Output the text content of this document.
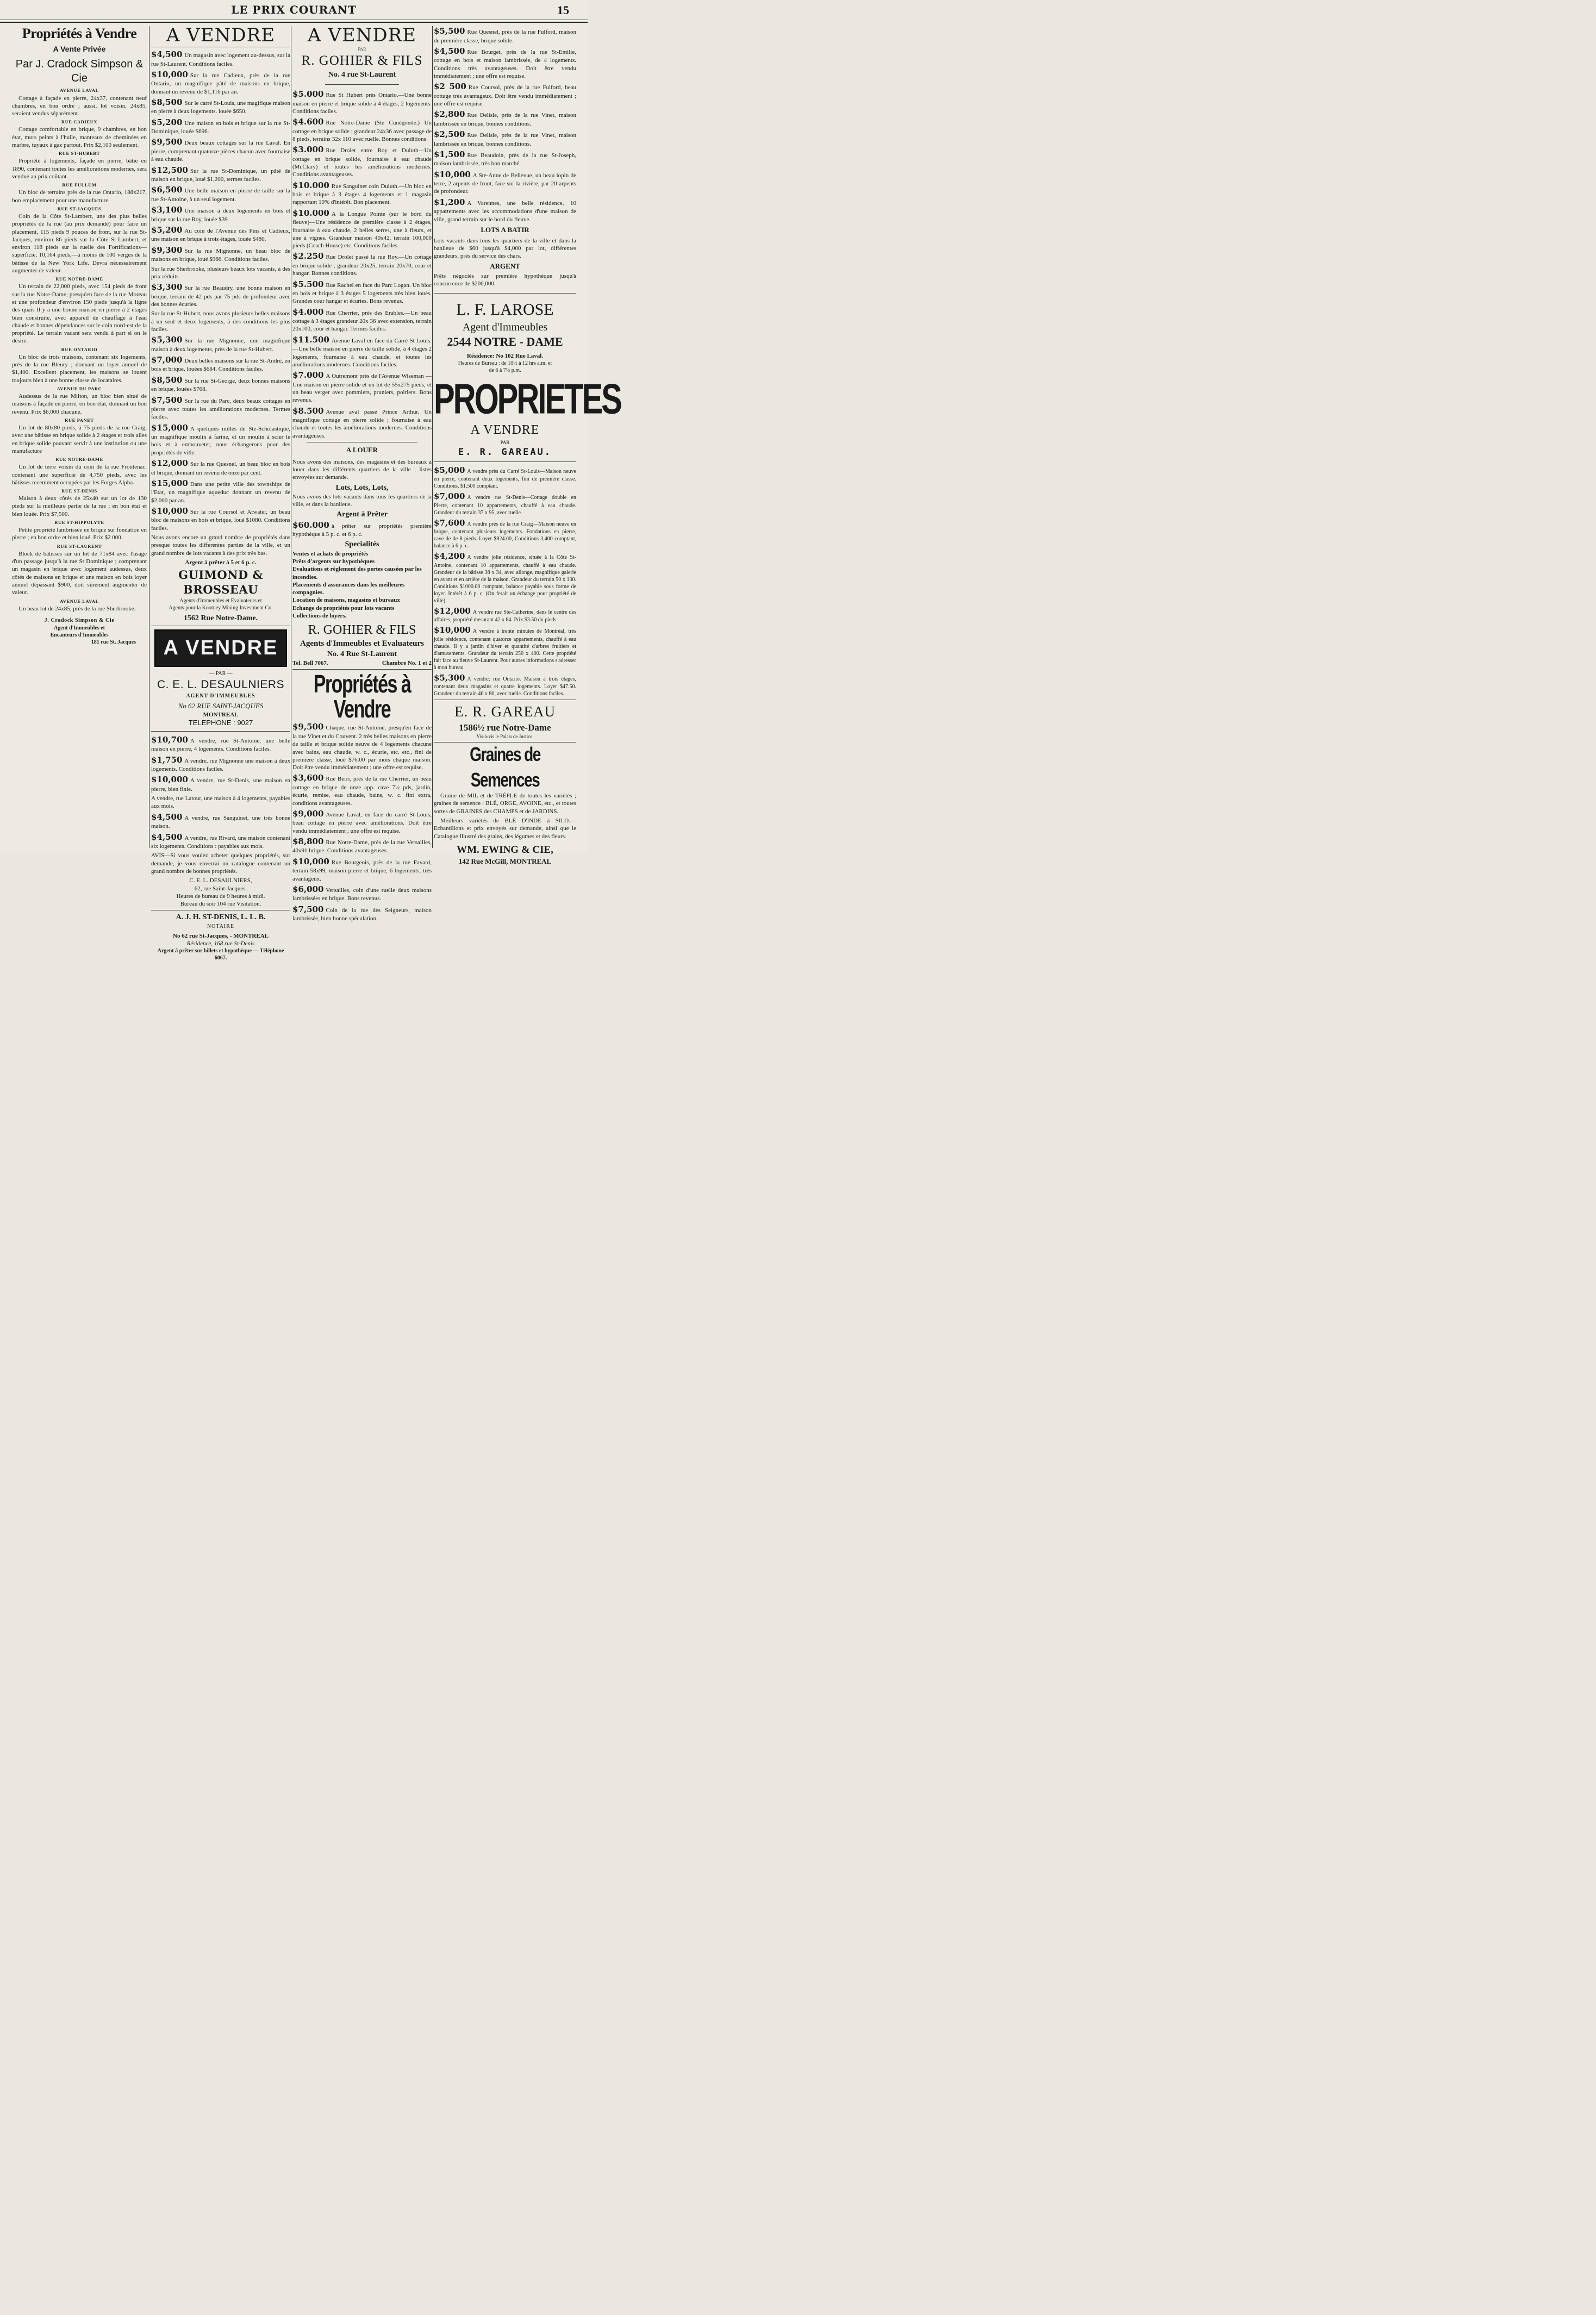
LE PRIX COURANT	15
Propriétés à Vendre
A Vente Privée
Par J. Cradock Simpson & Cie
AVENUE LAVAL
Cottage à façade en pierre, 24x37, contenant neuf chambres, en bon ordre ; aussi, lot voisin, 24x85, seraient vendus séparément.
RUE CADIEUX
Cottage comfortable en brique, 9 chambres, en bon état, murs peints à l'huile, manteaux de cheminées en marbre, tuyaux à gaz partout. Prix $2,100 seulement.
RUE ST-HUBERT
Propriété à logements, façade en pierre, bâtie en 1890, contenant toutes les améliorations modernes, sera vendue au prix coûtant.
RUE FULLUM
Un bloc de terrains près de la rue Ontario, 188x217, bon emplacement pour une manufacture.
RUE ST-JACQUES
Coin de la Côte St-Lambert, une des plus belles propriétés de la rue (au prix demandé) pour faire un placement, 115 pieds 9 pouces de front, sur la rue St-Jacques, environ 86 pieds sur la Côte St-Lambert, et environ 118 pieds sur la ruelle des Fortifications—superficie, 10,164 pieds,—à moins de 100 verges de la bâtisse de la New York Life. Devra nécessairement augmenter de valeur.
RUE NOTRE-DAME
Un terrain de 22,000 pieds, avec 154 pieds de front sur la rue Notre-Dame, presqu'en face de la rue Moreau et une profondeur d'environ 150 pieds jusqu'à la ligne des quais Il y a une bonne maison en pierre à 2 étages bien construite, avec appareil de chauffage à l'eau chaude et bonnes dépendances sur le coin nord-est de la propriété. Le terrain vacant sera vendu à part si on le désire.
RUE ONTARIO
Un bloc de trois maisons, contenant six logements, près de la rue Bleury ; donnant un loyer annuel de $1,400. Excellent placement, les maisons se louent toujours bien à une bonne classe de locataires.
AVENUE DU PARC
Audessus de la rue Milton, un bloc bien situé de maisons à façade en pierre, en bon état, donnant un bon revenu. Prix $6,000 chacune.
RUE PANET
Un lot de 80x80 pieds, à 75 pieds de la rue Craig, avec une bâtisse en brique solide à 2 étages et trois ailes en brique solide pouvant servir à une institution ou une manufacture
RUE NOTRE-DAME
Un lot de terre voisin du coin de la rue Frontenac. contenant une superficie de 4,750 pieds, avec les bâtisses recemment occupées par les Forges Alpha.
RUE ST-DENIS
Maison à deux côtés de 25x40 sur un lot de 130 pieds sur la meilleure partie de la rue ; en bon état et bien louée. Prix $7,500.
RUE ST-HIPPOLYTE
Petite propriété lambrissée en brique sur fondation en pierre ; en bon ordre et bien loué. Prix $2 000.
RUE ST-LAURENT
Block de bâtisses sur un lot de 71x84 avec l'usage d'un passage jusqu'à la rue St Dominique ; comprenant un magasin en brique avec logement audessus, deux côtés de maisons en brique et une maison en bois loyer annuel dépassant $900, doit sûrement augmenter de valeur.
AVENUE LAVAL
Un beau lot de 24x85, près de la rue Sherbrooke.
J. Cradock Simpson & Cie
Agent d'Immeubles et
Encanteurs d'Immeubles
181 rue St. Jacques
A VENDRE
$4,500 Un magasin avec logement au-dessus, sur la rue St-Laurent. Conditions faciles.
$10,000 Sur la rue Cadieux, près de la rue Ontario, un magnifique pâté de maisons en brique, donnant un revenu de $1,116 par an.
$8,500 Sur le carré St-Louis, une magifique maison en pierre à deux logements. louée $650.
$5,200 Une maison en bois et brique sur la rue St-Dominique, louée $696.
$9,500 Deux beaux cottages sur la rue Laval. En pierre, comprenant quatorze pièces chacun avec fournaise à eau chaude.
$12,500 Sur la rue St-Dominique, un pâté de maison en brique, loué $1,200, termes faciles.
$6,500 Une belle maison en pierre de taille sur la rue St-Antoine, à un seul logement.
$3,100 Une maison à deux logements en bois et brique sur la rue Roy, louée $39
$5,200 Au coin de l'Avenue des Pins et Cadieux, une maison en brique à trois étages, louée $480.
$9,300 Sur la rue Mignonne, un beau bloc de maisons en brique, loué $966. Conditions faciles.
Sur la rue Sherbrooke, plusieurs beaux lots vacants, à des prix réduits.
$3,300 Sur la rue Beaudry, une bonne maison en brique, terrain de 42 pds par 75 pds de profondeur avec des bonnes écuries.
Sur la rue St-Hubert, nous avons plusieurs belles maisons à un seul et deux logements, à des conditions les plus faciles.
$5,300 Sur la rue Mignonne, une magnifique maison à deux logements, près de la rue St-Hubert.
$7,000 Deux belles maisons sur la rue St-André, en bois et brique, louées $684. Conditions faciles.
$8,500 Sur la rue St-George, deux bonnes maisons en brique, louées $768.
$7,500 Sur la rue du Parc, deux beaux cottages en pierre avec toutes les améliorations modernes. Termes faciles.
$15,000 A quelques milles de Ste-Scholastique, un magnifique moulin à farine, et un moulin à scier le bois et à embouveter, nous échangerons pour des propriétés de ville.
$12,000 Sur la rue Quesnel, un beau bloc en bois et brique, donnant un revenu de onze par cent.
$15,000 Dans une petite ville des townships de l'Etat, un magnifique aqueduc donnant un revenu de $2,000 par an.
$10,000 Sur la rue Coursol et Atwater, un beau bloc de maisons en bois et brique, loué $1080. Conditions faciles.
Nous avons encore un grand nombre de propriétés dans presque toutes les differentes parties de la ville, et un grand nombre de lots vacants à des prix très bas.
Argent à prêter à 5 et 6 p. c.
GUIMOND & BROSSEAU
Agents d'Immeubles et Evaluateurs et
Agents pour la Kootney Mining Investment Co.
1562 Rue Notre-Dame.
A VENDRE
— PAR —
C. E. L. DESAULNIERS
AGENT D'IMMEUBLES
No 62 RUE SAINT-JACQUES
MONTREAL
TELEPHONE : 9027
$10,700 A vendre, rue St-Antoine, une belle maison en pierre, 4 logements. Conditions faciles.
$1,750 A vendre, rue Mignonne une maison à deux logements. Conditions faciles.
$10,000 A vendre, rue St-Denis, une maison en pierre, bien finie.
A vendre, rue Latour, une maison à 4 logements, payables aux mois.
$4,500 A vendre, rue Sanguinet, une très bonne maison.
$4,500 A vendre, rue Rivard, une maison contenant six logements. Conditions : payables aux mois.
AVIS—Si vous voulez acheter quelques propriétés, sur demande, je vous enverrai un catalogue contenant un grand nombre de bonnes propriétés.
C. E. L. DESAULNIERS,
62, rue Saint-Jacques.
Heures de bureau de 9 heures à midi.
Bureau du soir 104 rue Visitation.
A. J. H. ST-DENIS, L. L. B.
NOTAIRE
No 62 rue St-Jacques, - MONTREAL
Résidence, 168 rue St-Denis
Argent à prêter sur billets et hypothèque — Téléphone 6067.
A VENDRE
PAR
R. GOHIER & FILS
No. 4 rue St-Laurent
$5.000 Rue St Hubert près Ontario.—Une bonne maison en pierre et brique solide à 4 étages, 2 logements. Conditions faciles.
$4.600 Rue Notre-Dame (Ste Cunégonde.) Un cottage en brique solide ; grandeur 24x36 avec passage de 8 pieds, terrains 32x 110 avec ruelle. Bonnes conditions
$3.000 Rue Drolet entre Roy et Duluth—Un cottage en brique solide, fournaise à eau chaude (McClary) et toutes les améliorations modernes. Conditions avantageuses.
$10.000 Rue Sanguinet coin Duluth.—Un bloc en bois et brique à 3 étages 4 logements et 1 magasin rapportant 10% d'intérêt. Bon placement.
$10.000 A la Longue Pointe (sur le bord du fleuve)—Une résidence de première classe à 2 étages, fournaise à eau chaude, 2 belles serres, une à fleurs, et une à vignes. Grandeur maison 40x42, terrain 100,000 pieds (Coach House) etc. Conditions faciles.
$2.250 Rue Drolet passé la rue Roy.—Un cottage en brique solide ; grandeur 20x25, terrain 20x70, cour et hangar. Bonnes conditions.
$5.500 Rue Rachel en face du Parc Logan. Un bloc en bois et brique à 3 étages 5 logements très bien loués. Grandes cour hangar et écuries. Bons revenus.
$4.000 Rue Cherrier, près des Erables.—Un beau cottage à 3 étages grandeur 20x 36 avec extension, terrain 20x100, cour et hangar. Termes faciles.
$11.500 Avenue Laval en face du Carré St Louis.—Une belle maison en pierre de taille solide, à 4 étages 2 logements, fournaise à eau chaude, et toutes les améliorations modernes. Conditions faciles.
$7.000 A Outremont près de l'Avenue Wiseman — Une maison en pierre solide et un lot de 55x275 pieds, et un beau verger avec pommiers, pruniers, poiriers. Bons revenus.
$8.500 Avenue aval passé Prince Arthur. Un magnifique cottage en pierre solide ; fournaise à eau chaude et toutes les améliorations modernes. Conditions avantageuses.
A LOUER
Nous avons des maisons, des magasins et des bureaux à louer dans les différents quartiers de la ville ; listes envoyées sur demande.
Lots, Lots, Lots,
Nous avons des lots vacants dans tous les quartiers de la ville, et dans la banlieue.
Argent à Prêter
$60.000 à prêter sur propriétés première hypothèque à 5 p. c. et 6 p. c.
Specialités
Ventes et achats de propriétés
Prêts d'argents sur hypothèques
Evaluations et règlement des pertes causées par les incendies.
Placements d'assurances dans les meilleures compagnies.
Location de maisons, magasins et bureaux
Echange de propriétés pour lots vacants
Collections de loyers.
R. GOHIER & FILS
Agents d'Immeubles et Evaluateurs
No. 4 Rue St-Laurent
Tel. Bell 7067.	Chambre No. 1 et 2
Propriétés à Vendre
$9,500 Chaque, rue St-Antoine, presqu'en face de la rue Vinet et du Couvent. 2 très belles maisons en pierre de taille et brique solide neuve de 4 logements chacune avec bains, eau chaude, w. c., écurie, etc. etc., fini de première classe, loué $76.00 par mois chaque maison. Doit être vendu immédiatement ; une offre est requise.
$3,600 Rue Berri, près de la rue Cherrier, un beau cottage en brique de onze app. cave 7½ pds, jardin, écurie, remise, eau chaude, bains, w. c. fini extra, conditions avantageuses.
$9,000 Avenue Laval, en face du carré St-Louis, beau cottage en pierre avec améliorations. Doit être vendu immédiatement ; une offre est requise.
$8,800 Rue Notre-Dame, près de la rue Versailles, 40x91 brique. Conditions avantageuses.
$10,000 Rue Bourgeois, près de la rue Favard, terrain 58x99, maison pierre et brique, 6 logements, très avantageux.
$6,000 Versailles, coin d'une ruelle deux maisons lambrissées en brique. Bons revenus.
$7,500 Coin de la rue des Seigneurs, maison lambrissée, bien bonne spéculation.
$5,500 Rue Quesnel, près de la rue Fulford, maison de première classe, brique solide.
$4,500 Rue Bourget, près de la rue St-Emilie, cottage en bois et maison lambrissée, de 4 logements. Conditions très avantageuses. Doit être vendu immédiatement ; une offre est requise.
$2 500 Rue Coursol, près de la rue Fulford, beau cottage très avantageux. Doit être vendu immédiatement ; une offre est requise.
$2,800 Rue Delisle, près de la rue Vinet, maison lambrissée en brique, bonnes conditions.
$2,500 Rue Delisle, près de la rue Vinet, maison lambrissée en brique, bonnes conditions.
$1,500 Rue Beaudoin, près de la rue St-Joseph, maison lambrissée, très bon marché.
$10,000 A Ste-Anne de Bellevue, un beau lopin de terre, 2 arpents de front, face sur la rivière, par 20 arpents de profondeur.
$1,200 A Varennes, une belle résidence, 10 appartements avec les accommodations d'une maison de ville, grand terrain sur le bord du fleuve.
LOTS A BATIR
Lots vacants dans tous les quartiers de la ville et dans la banlieue de $60 jusqu'à $4,000 par lot, différentes grandeurs, près du service des chars.
ARGENT
Prêts négociés sur première hypothèque jusqu'à concurrence de $200,000.
L. F. LAROSE
Agent d'Immeubles
2544 NOTRE - DAME
Résidence: No 102 Rue Laval.
Heures de Bureau : de 10½ à 12 hrs a.m. et
de 6 à 7½ p.m.
PROPRIETES
A VENDRE
PAR
E. R. GAREAU.
$5,000 A vendre près du Carré St-Louis—Maison neuve en pierre, contenant deux logements, fini de première classe. Conditions, $1,500 comptant.
$7,000 A vendre rue St-Denis—Cottage double en Pierre, contenant 10 appartements, chauffé à eau chaude. Grandeur du terrain 37 x 95, avec ruelle.
$7,600 A vendre près de la rue Craig—Maison neuve en brique, contenant plusieurs logements. Fondations en pierre, cave de de 8 pieds. Loyer $924.00, Conditions 3,400 comptant, balance à 6 p. c.
$4,200 A vendre jolie résidence, située à la Côte St-Antoine, contenant 10 appartements, chauffé à eau chaude. Grandeur de la bâtisse 38 x 34, avec allonge, magnifique galerie en avant et en arrière de la maison. Grandeur du terrain 50 x 130. Conditions $1000.00 comptant, balance payable sous forme de loyer. Intérêt à 6 p. c. (On ferait un échange pour propriété de ville).
$12,000 A vendre rue Ste-Catherine, dans le centre des affaires, propriété mesurant 42 x 84. Prix $3.50 du pieds.
$10,000 A vendre à trente minutes de Montréal, très jolie résidence, contenant quatorze appartements, chauffé à eau chaude. Il y a jardin d'hiver et quantité d'arbres fruitiers et d'amusements. Grandeur du terrain 250 x 400. Cette propriété fait face au fleuve St-Laurent. Pour autres informations s'adresser à mon bureau.
$5,300 A vendre; rue Ontario. Maison à trois étages, contenant deux magasins et quatre logements. Loyer $47.50. Grandeur du terrain 46 x 80, avec ruelle. Conditions faciles.
E. R. GAREAU
1586½ rue Notre-Dame
Vis-à-vis le Palais de Justice.
Graines de Semences
Graine de MIL et de TRÈFLE de toutes les variétés ; graines de semence : BLÉ, ORGE, AVOINE, etc., et toutes sortes de GRAINES des CHAMPS et de JARDINS.
Meilleurs variétés de BLÉ D'INDE à SILO.— Echantillons et prix envoyés sur demande, ainsi que le Catalogue Illustré des grains, des légumes et des fleurs.
WM. EWING & CIE,
142 Rue McGill, MONTREAL
